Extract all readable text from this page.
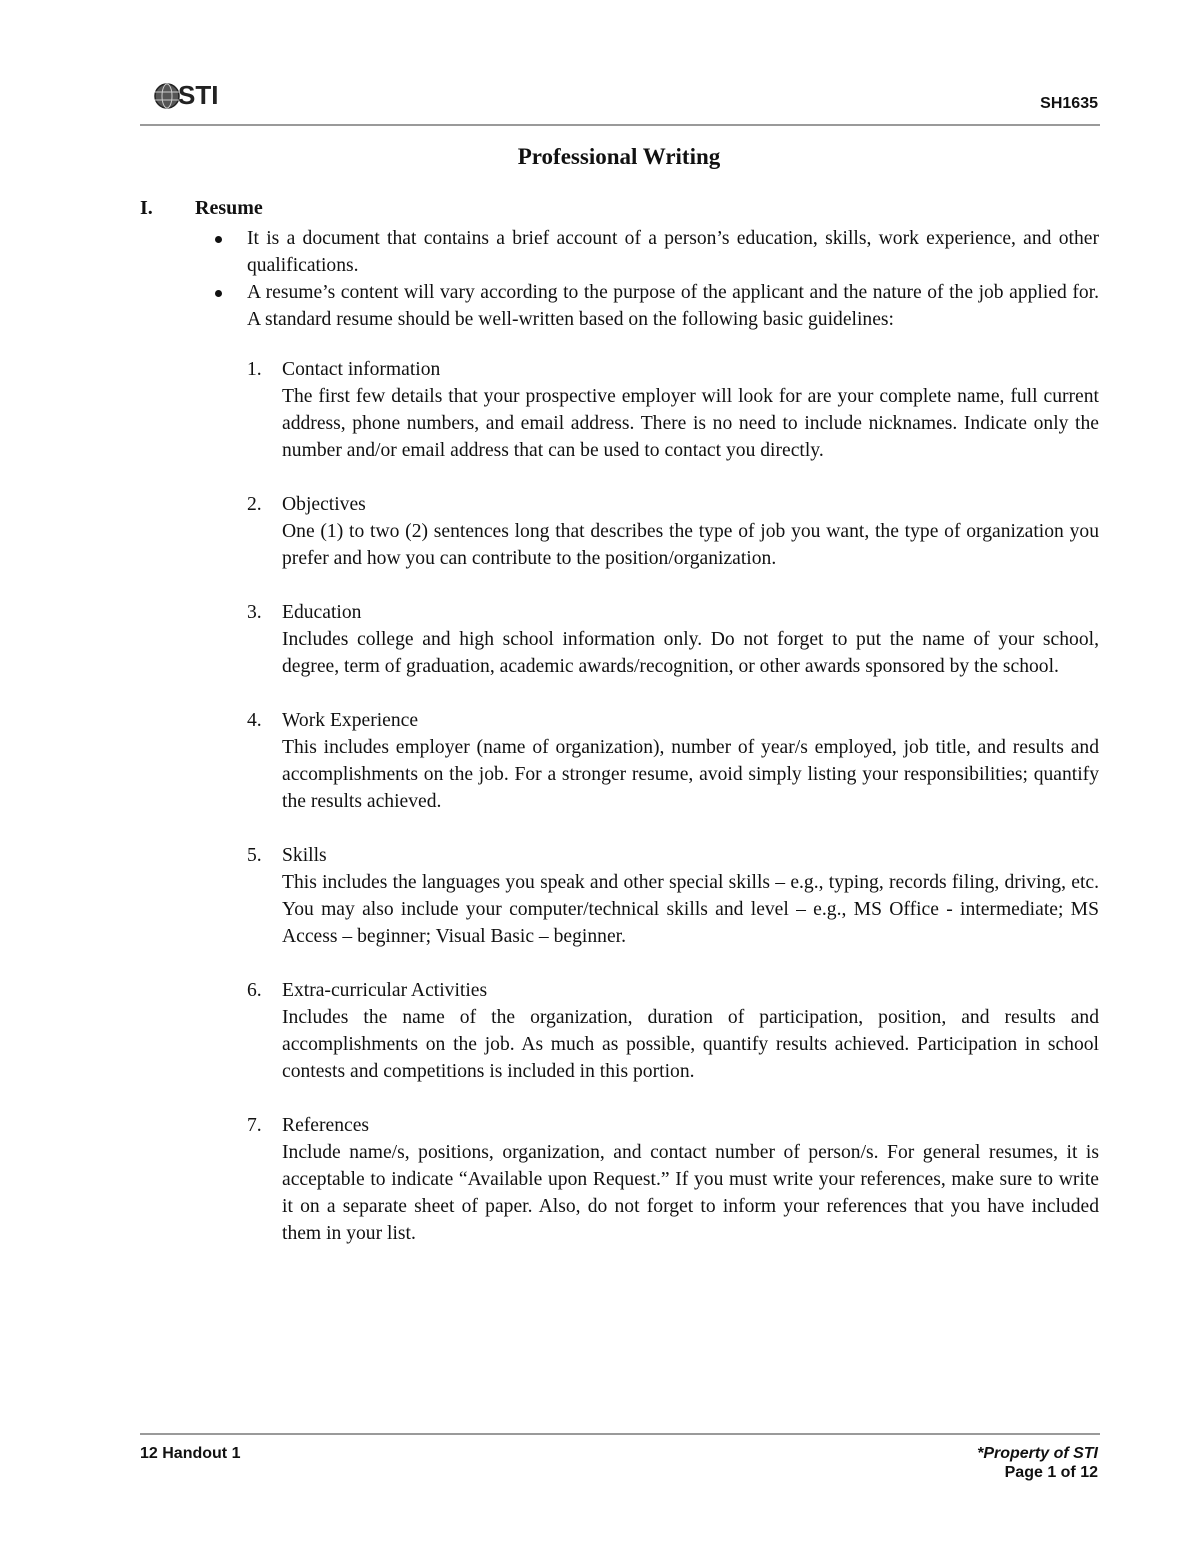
STI	SH1635
Professional Writing
I. Resume
It is a document that contains a brief account of a person’s education, skills, work experience, and other qualifications.
A resume’s content will vary according to the purpose of the applicant and the nature of the job applied for. A standard resume should be well-written based on the following basic guidelines:
1. Contact information
The first few details that your prospective employer will look for are your complete name, full current address, phone numbers, and email address. There is no need to include nicknames. Indicate only the number and/or email address that can be used to contact you directly.
2. Objectives
One (1) to two (2) sentences long that describes the type of job you want, the type of organization you prefer and how you can contribute to the position/organization.
3. Education
Includes college and high school information only. Do not forget to put the name of your school, degree, term of graduation, academic awards/recognition, or other awards sponsored by the school.
4. Work Experience
This includes employer (name of organization), number of year/s employed, job title, and results and accomplishments on the job. For a stronger resume, avoid simply listing your responsibilities; quantify the results achieved.
5. Skills
This includes the languages you speak and other special skills – e.g., typing, records filing, driving, etc. You may also include your computer/technical skills and level – e.g., MS Office - intermediate; MS Access – beginner; Visual Basic – beginner.
6. Extra-curricular Activities
Includes the name of the organization, duration of participation, position, and results and accomplishments on the job. As much as possible, quantify results achieved. Participation in school contests and competitions is included in this portion.
7. References
Include name/s, positions, organization, and contact number of person/s. For general resumes, it is acceptable to indicate “Available upon Request.” If you must write your references, make sure to write it on a separate sheet of paper. Also, do not forget to inform your references that you have included them in your list.
12 Handout 1	*Property of STI
Page 1 of 12
